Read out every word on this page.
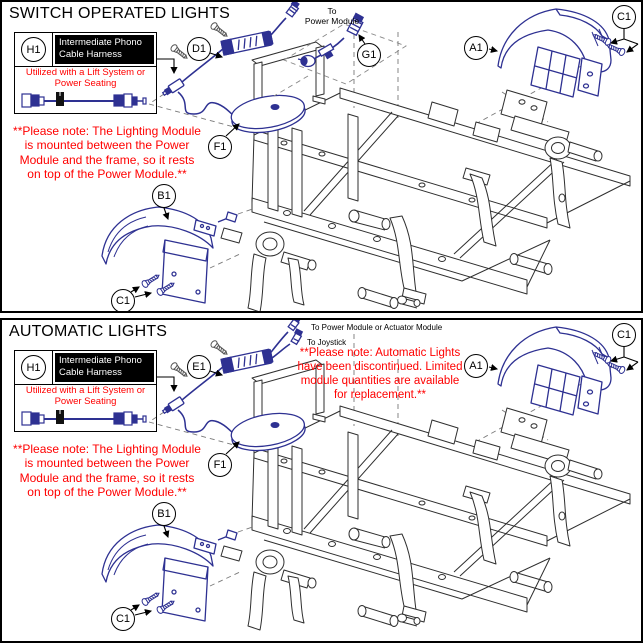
SWITCH OPERATED LIGHTS
H1
Intermediate Phono
Cable Harness
Utilized with a Lift System or
Power Seating
**Please note: The Lighting Module
is mounted between the Power
Module and the frame, so it rests
on top of the Power Module.**
To
Power Module
D1	G1
A1
C1
F1
B1
C1
AUTOMATIC LIGHTS
H1
Intermediate Phono
Cable Harness
Utilized with a Lift System or
Power Seating
**Please note: The Lighting Module
is mounted between the Power
Module and the frame, so it rests
on top of the Power Module.**
**Please note: Automatic Lights
have been discontinued. Limited
module quantities are available
for replacement.**
To Power Module or Actuator Module
To Joystick
E1	A1
C1
F1
B1
C1
